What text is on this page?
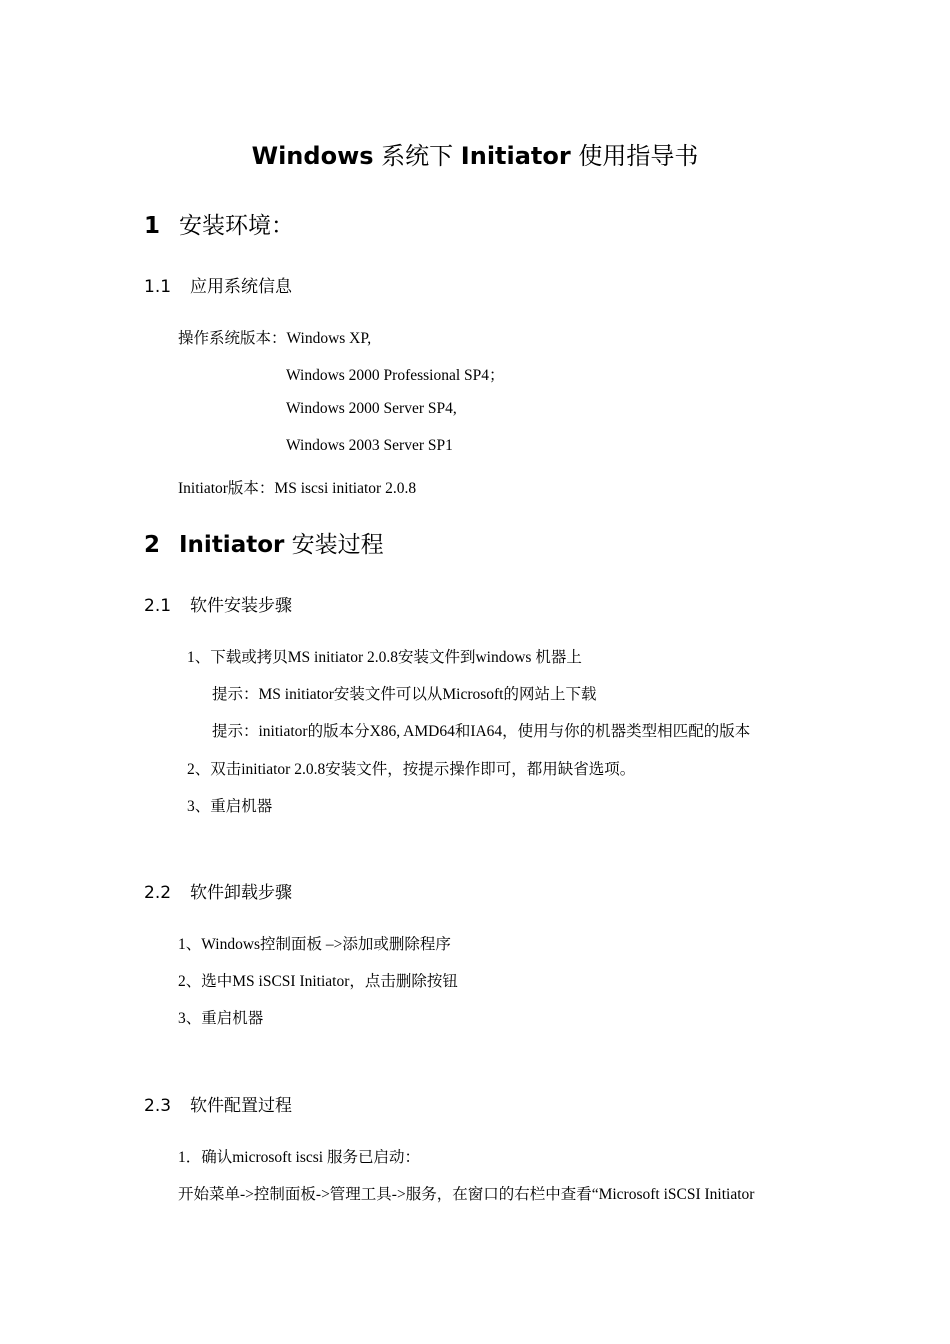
Windows 系统下 Initiator 使用指导书
1 安装环境：
1.1 应用系统信息
操作系统版本：Windows XP,
Windows 2000 Professional SP4；
Windows 2000 Server SP4,
Windows 2003 Server SP1
Initiator版本：MS iscsi initiator 2.0.8
2 Initiator 安装过程
2.1 软件安装步骤
1、下载或拷贝MS initiator 2.0.8安装文件到windows 机器上
提示：MS initiator安装文件可以从Microsoft的网站上下载
提示：initiator的版本分X86, AMD64和IA64，使用与你的机器类型相匹配的版本
2、双击initiator 2.0.8安装文件，按提示操作即可，都用缺省选项。
3、重启机器
2.2 软件卸载步骤
1、Windows控制面板 –>添加或删除程序
2、选中MS iSCSI Initiator，点击删除按钮
3、重启机器
2.3 软件配置过程
1．确认microsoft iscsi 服务已启动：
开始菜单->控制面板->管理工具->服务，在窗口的右栏中查看“Microsoft iSCSI Initiator
